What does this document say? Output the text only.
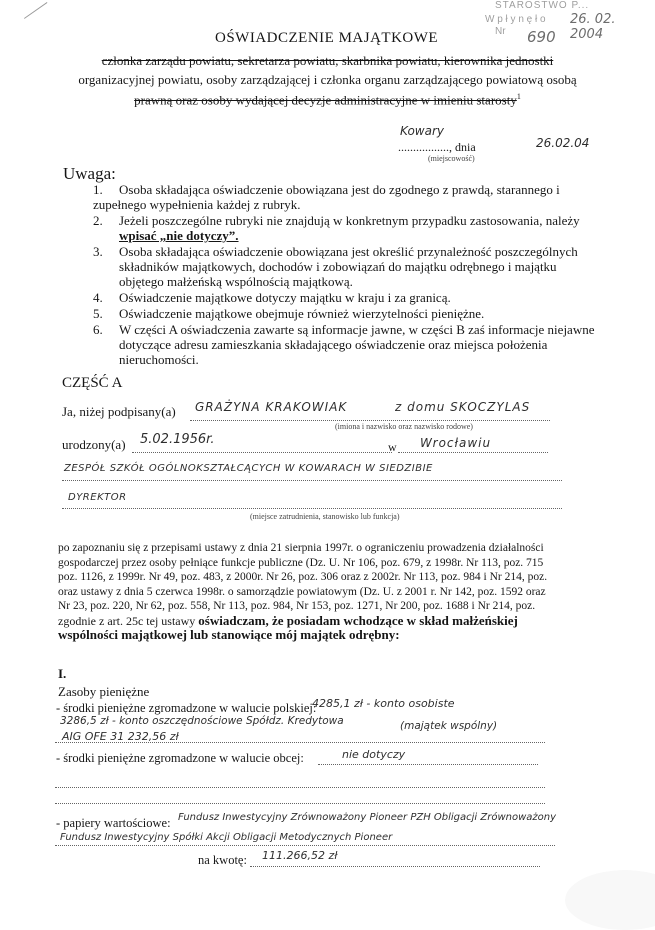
STAROSTWO P...
W p ł y n ę ł o
Nr
26. 02. 2004
690
OŚWIADCZENIE MAJĄTKOWE
członka zarządu powiatu, sekretarza powiatu, skarbnika powiatu, kierownika jednostki
organizacyjnej powiatu, osoby zarządzającej i członka organu zarządzającego powiatową osobą
prawną oraz osoby wydającej decyzje administracyjne w imieniu starosty$^1$
Kowary
................., dnia	26.02.04
(miejscowość)
Uwaga:
1. Osoba składająca oświadczenie obowiązana jest do zgodnego z prawdą, starannego i
zupełnego wypełnienia każdej z rubryk.
2. Jeżeli poszczególne rubryki nie znajdują w konkretnym przypadku zastosowania, należy
wpisać „nie dotyczy”.
3. Osoba składająca oświadczenie obowiązana jest określić przynależność poszczególnych
składników majątkowych, dochodów i zobowiązań do majątku odrębnego i majątku
objętego małżeńską wspólnością majątkową.
4. Oświadczenie majątkowe dotyczy majątku w kraju i za granicą.
5. Oświadczenie majątkowe obejmuje również wierzytelności pieniężne.
6. W części A oświadczenia zawarte są informacje jawne, w części B zaś informacje niejawne
dotyczące adresu zamieszkania składającego oświadczenie oraz miejsca położenia
nieruchomości.
CZĘŚĆ A
Ja, niżej podpisany(a) GRAŻYNA KRAKOWIAK	z domu SKOCZYLAS
(imiona i nazwisko oraz nazwisko rodowe)
urodzony(a) 5.02.1956r.	w Wrocławiu
ZESPÓŁ SZKÓŁ OGÓLNOKSZTAŁCĄCYCH W KOWARACH W SIEDZIBIE
DYREKTOR
(miejsce zatrudnienia, stanowisko lub funkcja)
po zapoznaniu się z przepisami ustawy z dnia 21 sierpnia 1997r. o ograniczeniu prowadzenia działalności
gospodarczej przez osoby pełniące funkcje publiczne (Dz. U. Nr 106, poz. 679, z 1998r. Nr 113, poz. 715
poz. 1126, z 1999r. Nr 49, poz. 483, z 2000r. Nr 26, poz. 306 oraz z 2002r. Nr 113, poz. 984 i Nr 214, poz.
oraz ustawy z dnia 5 czerwca 1998r. o samorządzie powiatowym (Dz. U. z 2001 r. Nr 142, poz. 1592 oraz
Nr 23, poz. 220, Nr 62, poz. 558, Nr 113, poz. 984, Nr 153, poz. 1271, Nr 200, poz. 1688 i Nr 214, poz.
zgodnie z art. 25c tej ustawy oświadczam, że posiadam wchodzące w skład małżeńskiej
wspólności majątkowej lub stanowiące mój majątek odrębny:
I.
Zasoby pieniężne
- środki pieniężne zgromadzone w walucie polskiej:
4285,1 zł - konto osobiste
3286,5 zł - konto oszczędnościowe Spółdz. Kredytowa	(majątek wspólny)
AIG OFE 31 232,56 zł
- środki pieniężne zgromadzone w walucie obcej:	nie dotyczy
- papiery wartościowe: Fundusz Inwestycyjny Zrównoważony Pioneer PZH Obligacji Zrównoważony
Fundusz Inwestycyjny Spółki Akcji Obligacji Metodycznych Pioneer
na kwotę: 111.266,52 zł
